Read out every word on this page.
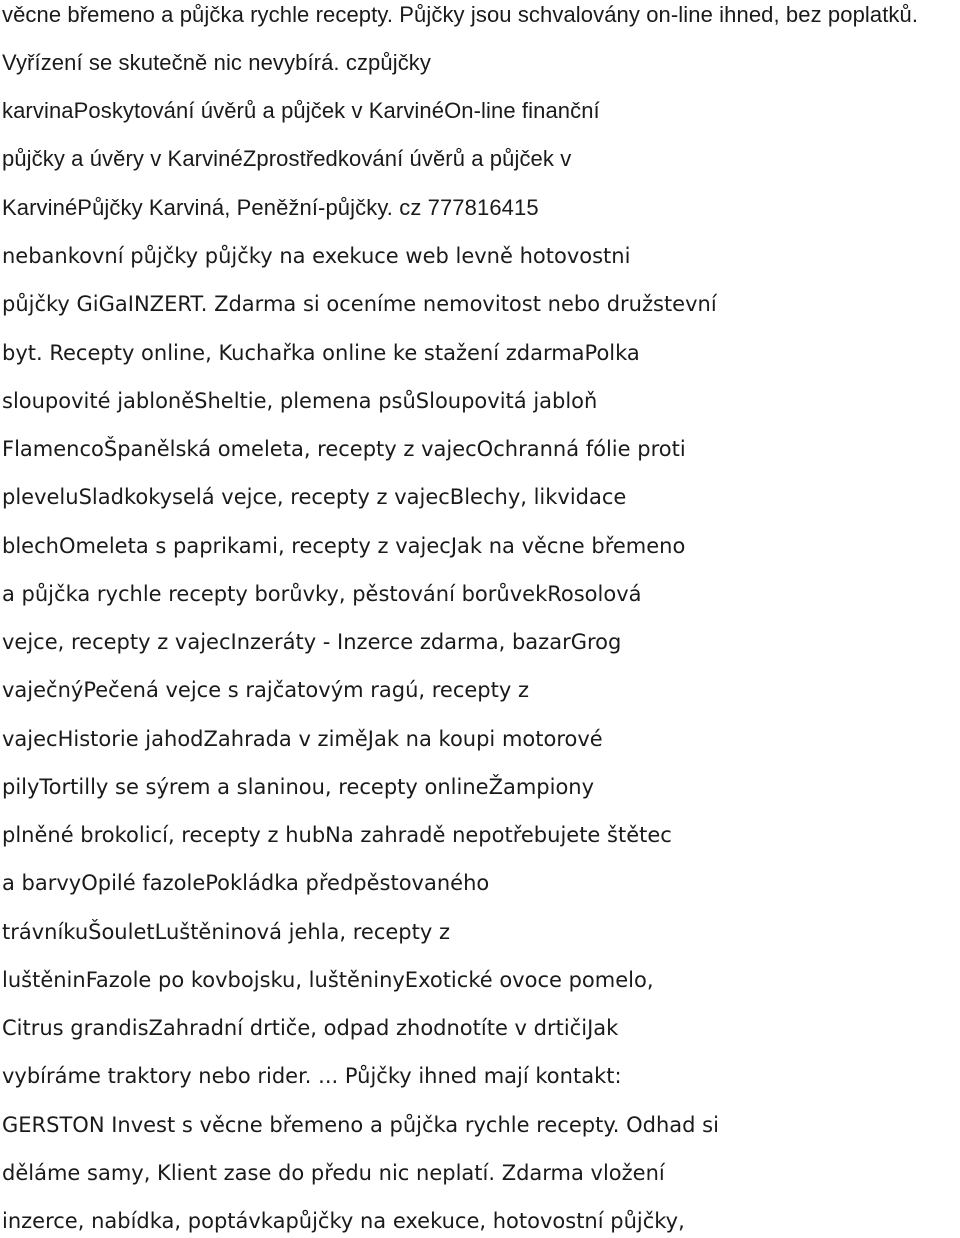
věcne břemeno a půjčka rychle recepty. Půjčky jsou schvalovány on-line ihned, bez poplatků.
Vyřízení se skutečně nic nevybírá. czpůjčky
karvinaPoskytování úvěrů a půjček v KarvinéOn-line finanční
půjčky a úvěry v KarvinéZprostředkování úvěrů a půjček v
KarvinéPůjčky Karviná, Peněžní-půjčky. cz 777816415
nebankovní půjčky půjčky na exekuce web levně hotovostni
půjčky GiGaINZERT. Zdarma si oceníme nemovitost nebo družstevní
byt. Recepty online, Kuchařka online ke stažení zdarmaPolka
sloupovité jabloněSheltie, plemena psůSloupovitá jabloň
FlamencoŠpanělská omeleta, recepty z vajecOchranná fólie proti
pleveluSladkokyselá vejce, recepty z vajecBlechy, likvidace
blechOmeleta s paprikami, recepty z vajecJak na věcne břemeno
a půjčka rychle recepty borůvky, pěstování borůvekRosolová
vejce, recepty z vajecInzeráty - Inzerce zdarma, bazarGrog
vaječnýPečená vejce s rajčatovým ragú, recepty z
vajecHistorie jahodZahrada v ziměJak na koupi motorové
pilyTortilly se sýrem a slaninou, recepty onlineŽampiony
plněné brokolicí, recepty z hubNa zahradě nepotřebujete štětec
a barvyOpilé fazolePokládka předpěstovaného
trávníkuŠouletLuštěninová jehla, recepty z
luštěninFazole po kovbojsku, luštěninyExotické ovoce pomelo,
Citrus grandisZahradní drtiče, odpad zhodnotíte v drtičiJak
vybíráme traktory nebo rider. ... Půjčky ihned mají kontakt:
GERSTON Invest s věcne břemeno a půjčka rychle recepty. Odhad si
děláme samy, Klient zase do předu nic neplatí. Zdarma vložení
inzerce, nabídka, poptávkapůjčky na exekuce, hotovostní půjčky,
